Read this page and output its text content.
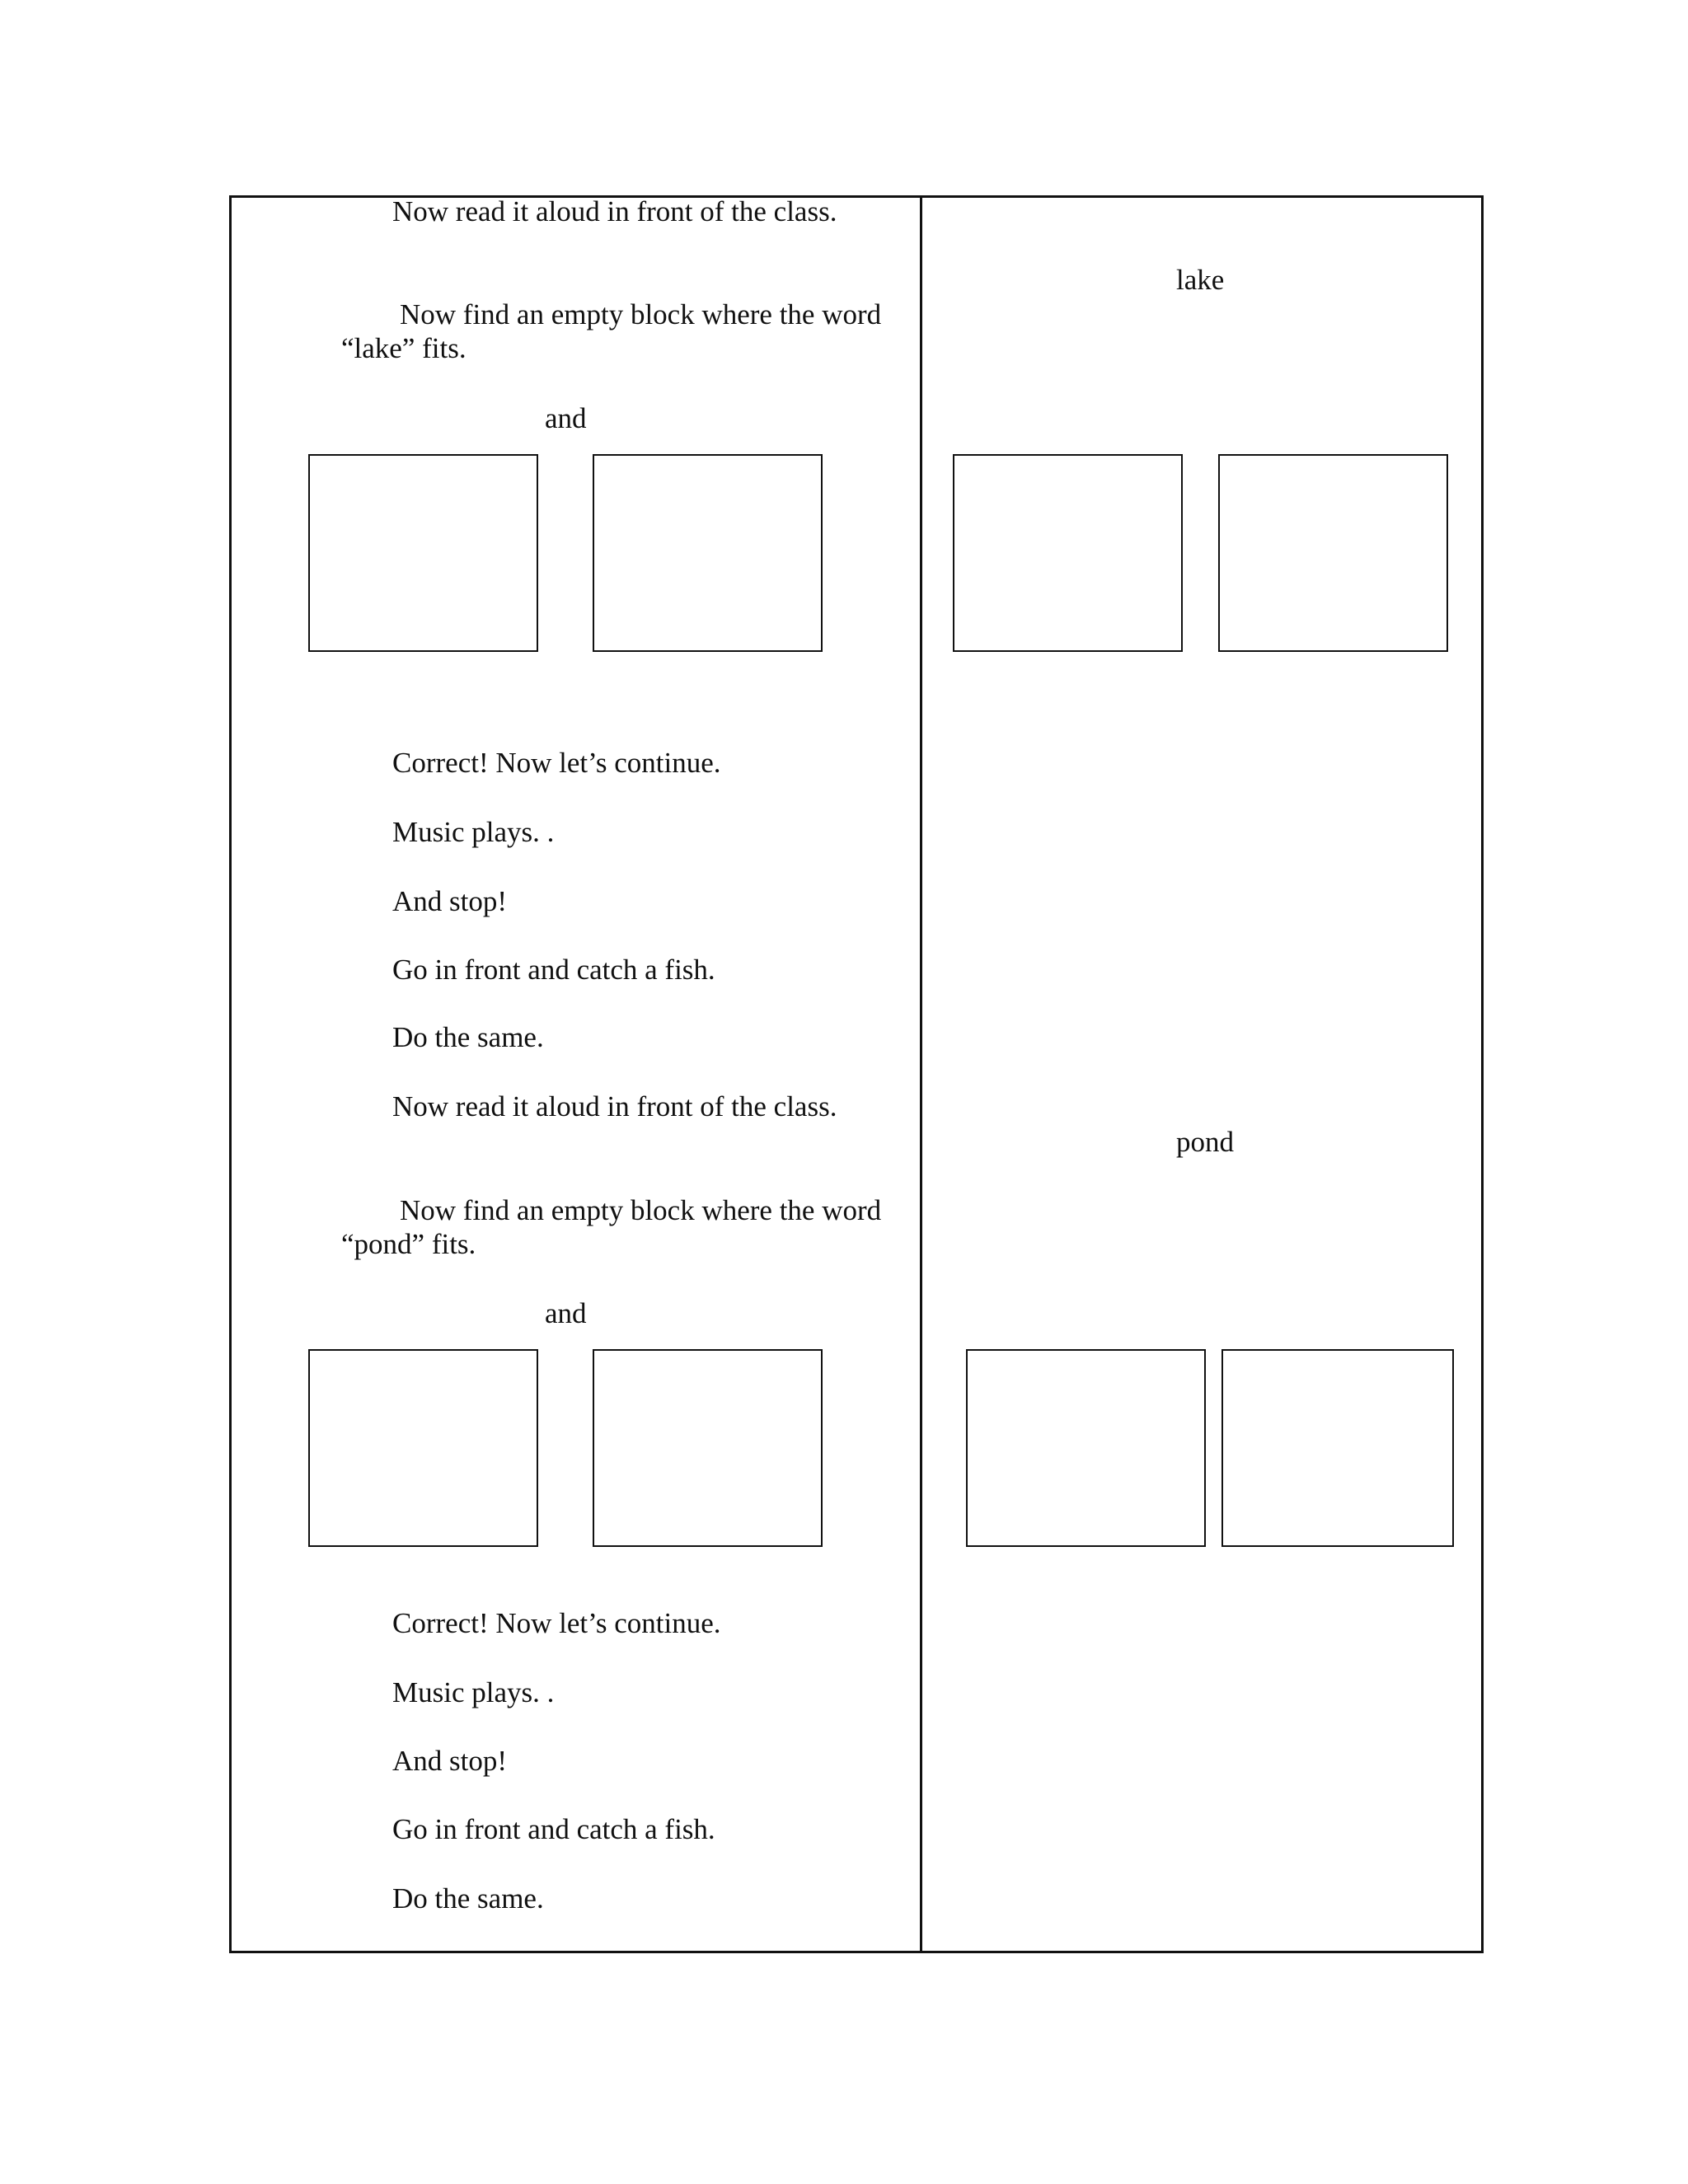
Now read it aloud in front of the class.
Now find an empty block where the word
“lake” fits.
and
Correct! Now let’s continue.
Music plays. .
And stop!
Go in front and catch a fish.
Do the same.
Now read it aloud in front of the class.
Now find an empty block where the word
“pond” fits.
and
Correct! Now let’s continue.
Music plays. .
And stop!
Go in front and catch a fish.
Do the same.
lake
pond
